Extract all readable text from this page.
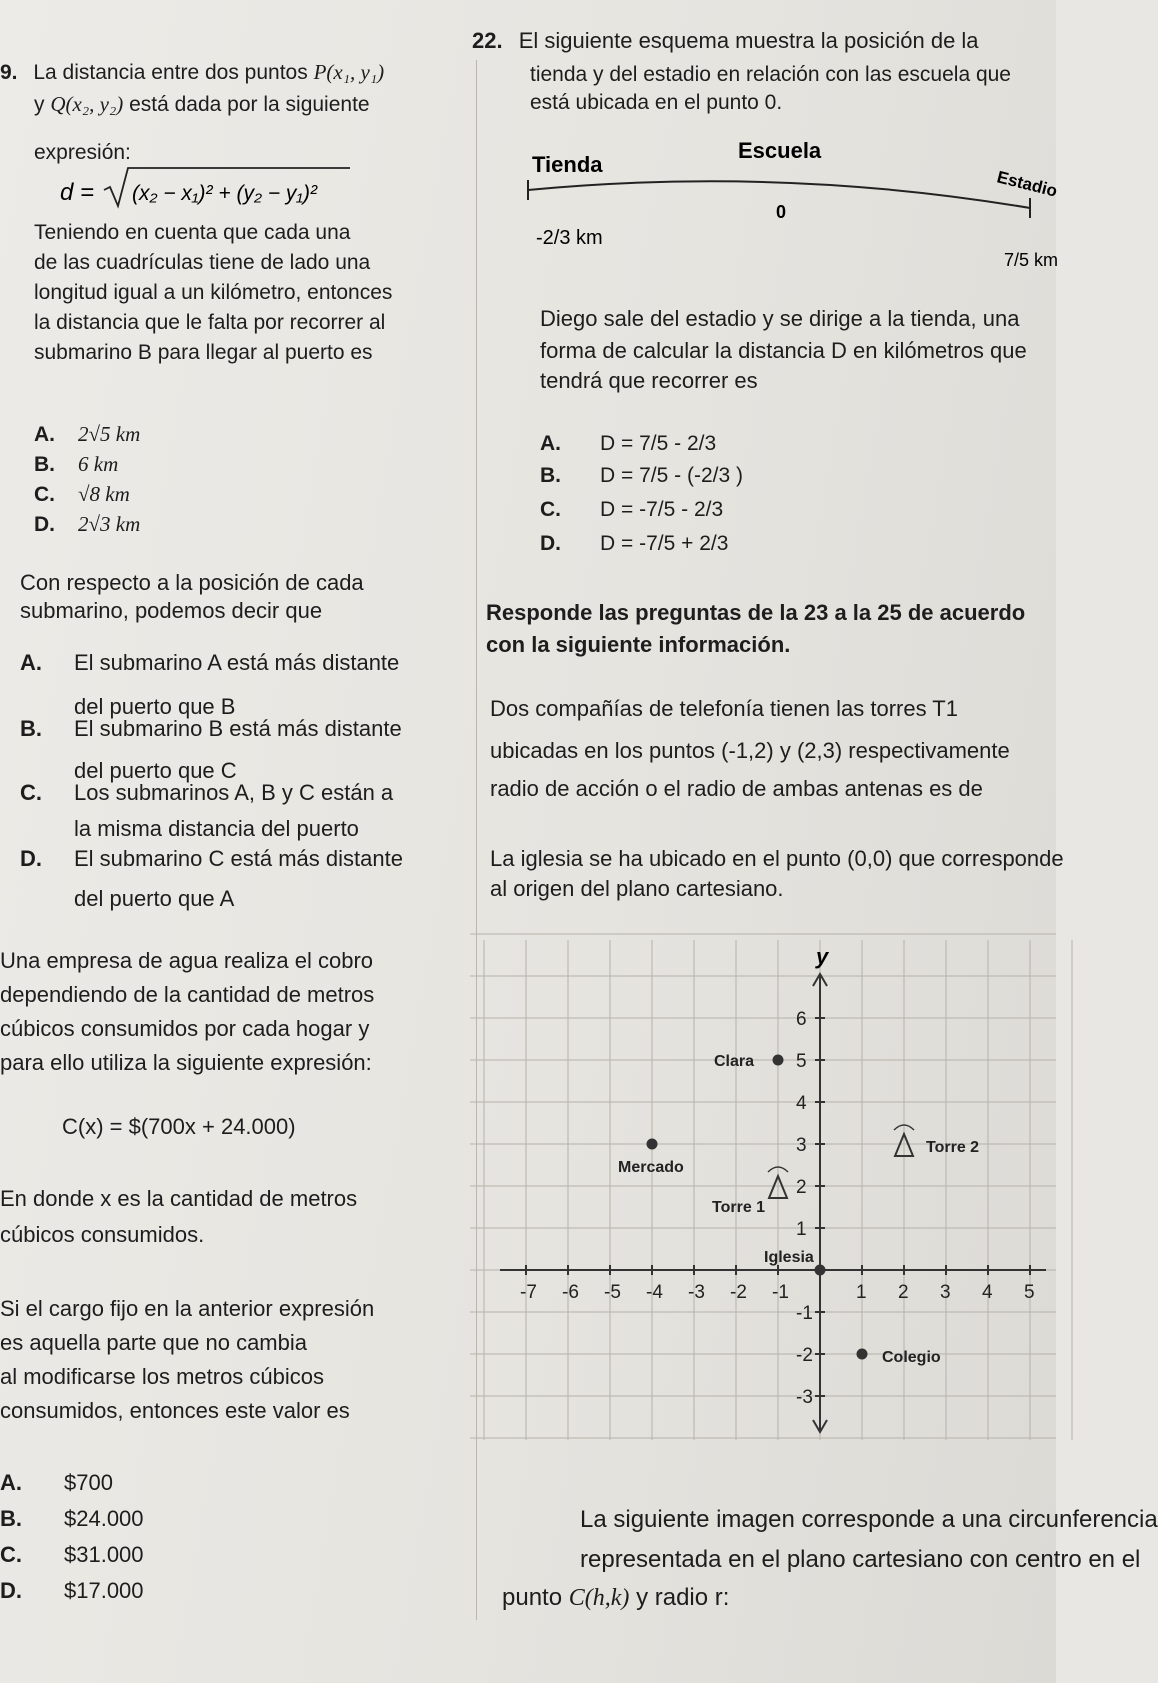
9. La distancia entre dos puntos P(x₁, y₁)
y Q(x₂, y₂) está dada por la siguiente
expresión:
d = (x₂ − x₁)² + (y₂ − y₁)²
Teniendo en cuenta que cada una
de las cuadrículas tiene de lado una
longitud igual a un kilómetro, entonces
la distancia que le falta por recorrer al
submarino B para llegar al puerto es
A. 2√5 km
B. 6 km
C. √8 km
D. 2√3 km
Con respecto a la posición de cada
submarino, podemos decir que
A. El submarino A está más distante
del puerto que B
B. El submarino B está más distante
del puerto que C
C. Los submarinos A, B y C están a
la misma distancia del puerto
D. El submarino C está más distante
del puerto que A
Una empresa de agua realiza el cobro
dependiendo de la cantidad de metros
cúbicos consumidos por cada hogar y
para ello utiliza la siguiente expresión:
C(x) = $(700x + 24.000)
En donde x es la cantidad de metros
cúbicos consumidos.
Si el cargo fijo en la anterior expresión
es aquella parte que no cambia
al modificarse los metros cúbicos
consumidos, entonces este valor es
A. $700
B. $24.000
C. $31.000
D. $17.000
22. El siguiente esquema muestra la posición de la
tienda y del estadio en relación con las escuela que
está ubicada en el punto 0.
Tienda
Escuela
Estadio
0
-2/3 km
7/5 km
Diego sale del estadio y se dirige a la tienda, una
forma de calcular la distancia D en kilómetros que
tendrá que recorrer es
A. D = 7/5 - 2/3
B. D = 7/5 - (-2/3 )
C. D = -7/5 - 2/3
D. D = -7/5 + 2/3
Responde las preguntas de la 23 a la 25 de acuerdo
con la siguiente información.
Dos compañías de telefonía tienen las torres T1
ubicadas en los puntos (-1,2) y (2,3) respectivamente
radio de acción o el radio de ambas antenas es de
La iglesia se ha ubicado en el punto (0,0) que corresponde
al origen del plano cartesiano.
-7 -6 -5 -4 -3 -2 -1	1 2 3 4 5
6
5
4
3
2
1
-1
-2
-3
Clara
Mercado
Torre 2
Torre 1
Iglesia
Colegio
y
La siguiente imagen corresponde a una circunferencia
representada en el plano cartesiano con centro en el
punto C(h,k) y radio r:
